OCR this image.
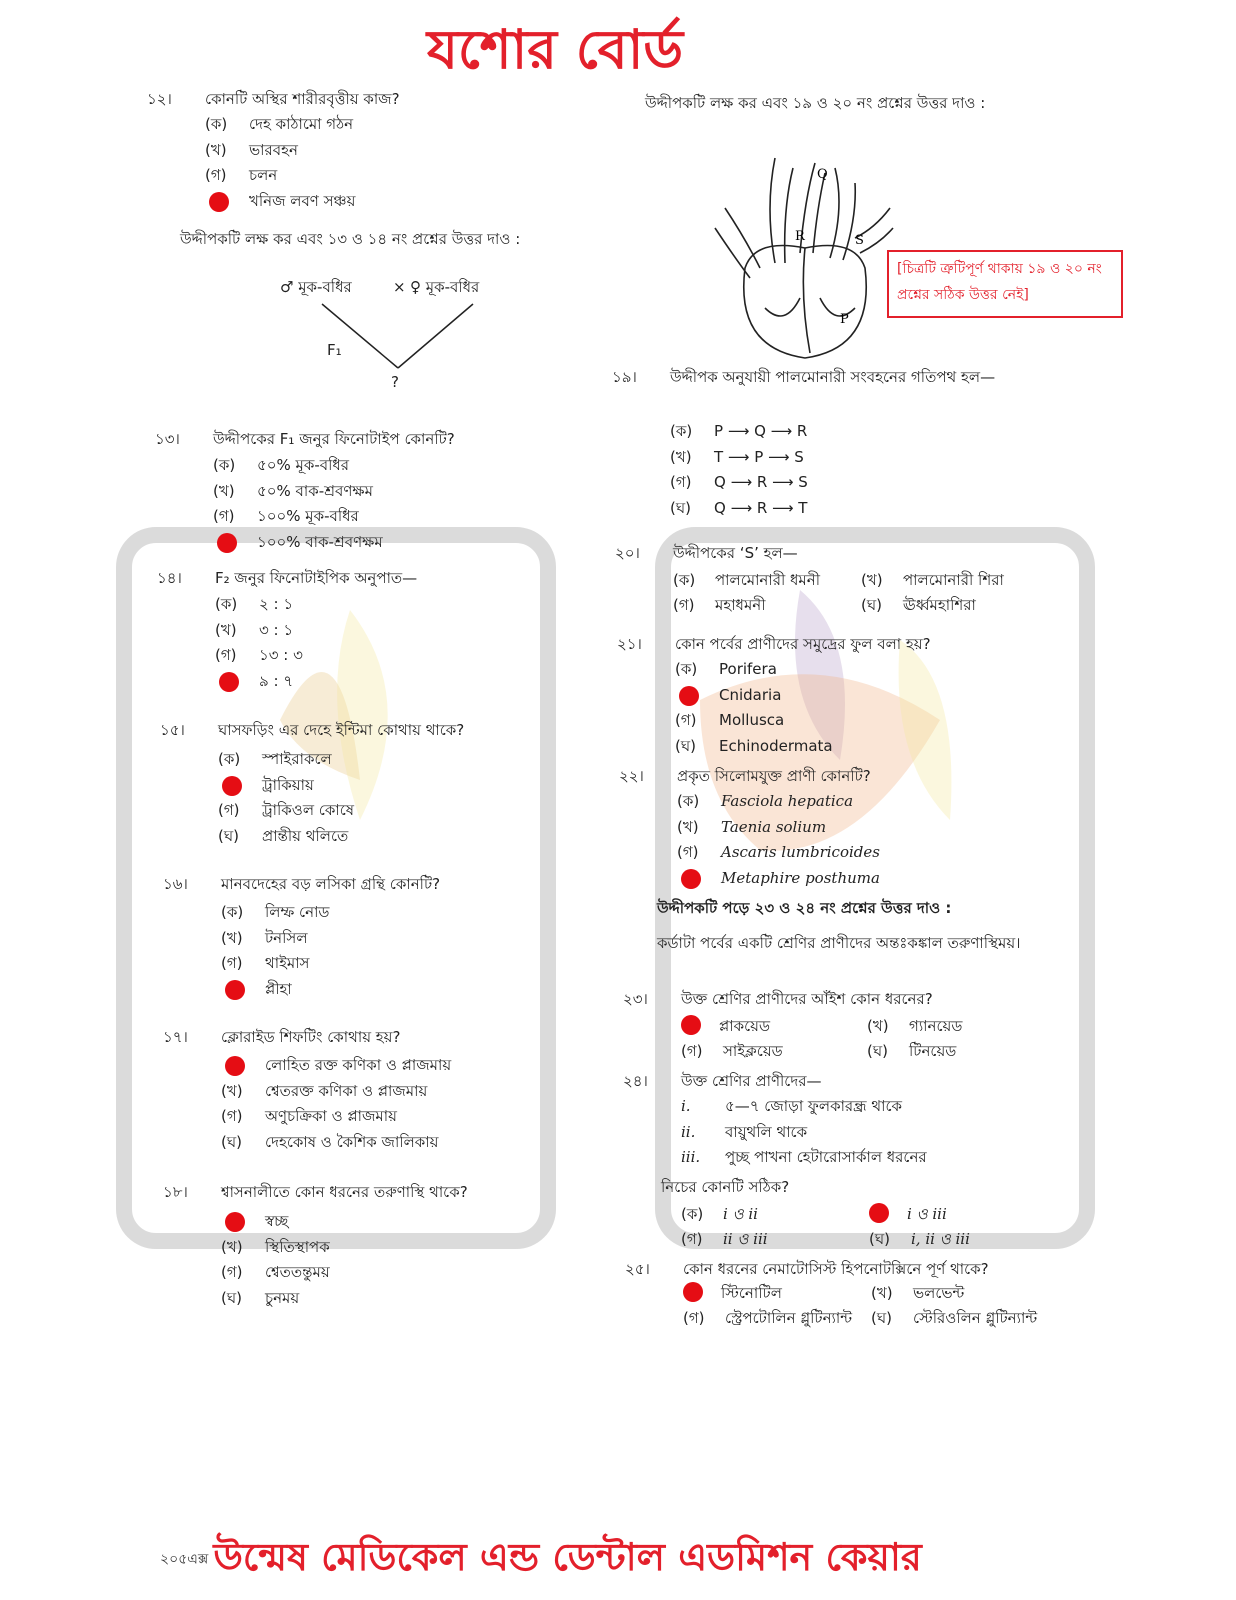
যশোর বোর্ড
১২। কোনটি অস্থির শারীরবৃত্তীয় কাজ?
(ক) দেহ কাঠামো গঠন
(খ) ভারবহন
(গ) চলন
খনিজ লবণ সঞ্চয়
উদ্দীপকটি লক্ষ কর এবং ১৩ ও ১৪ নং প্রশ্নের উত্তর দাও :
♂ মূক-বধির	× ♀ মূক-বধির
F₁
?
১৩। উদ্দীপকের F₁ জনুর ফিনোটাইপ কোনটি?
(ক) ৫০% মূক-বধির
(খ) ৫০% বাক-শ্রবণক্ষম
(গ) ১০০% মূক-বধির
১০০% বাক-শ্রবণক্ষম
১৪। F₂ জনুর ফিনোটাইপিক অনুপাত—
(ক) ২ : ১
(খ) ৩ : ১
(গ) ১৩ : ৩
৯ : ৭
১৫। ঘাসফড়িং এর দেহে ইন্টিমা কোথায় থাকে?
(ক) স্পাইরাকলে
ট্রাকিয়ায়
(গ) ট্রাকিওল কোষে
(ঘ) প্রান্তীয় থলিতে
১৬। মানবদেহের বড় লসিকা গ্রন্থি কোনটি?
(ক) লিম্ফ নোড
(খ) টনসিল
(গ) থাইমাস
প্লীহা
১৭। ক্লোরাইড শিফটিং কোথায় হয়?
লোহিত রক্ত কণিকা ও প্লাজমায়
(খ) শ্বেতরক্ত কণিকা ও প্লাজমায়
(গ) অণুচক্রিকা ও প্লাজমায়
(ঘ) দেহকোষ ও কৈশিক জালিকায়
১৮। শ্বাসনালীতে কোন ধরনের তরুণাস্থি থাকে?
স্বচ্ছ
(খ) স্থিতিস্থাপক
(গ) শ্বেততন্তুময়
(ঘ) চুনময়
উদ্দীপকটি লক্ষ কর এবং ১৯ ও ২০ নং প্রশ্নের উত্তর দাও :
Q
R	S
P
[চিত্রটি ত্রুটিপূর্ণ থাকায় ১৯ ও ২০ নং প্রশ্নের সঠিক উত্তর নেই]
১৯। উদ্দীপক অনুযায়ী পালমোনারী সংবহনের গতিপথ হল—
(ক) P ⟶ Q ⟶ R
(খ) T ⟶ P ⟶ S
(গ) Q ⟶ R ⟶ S
(ঘ) Q ⟶ R ⟶ T
২০। উদ্দীপকের ‘S’ হল—
(ক) পালমোনারী ধমনী	(খ) পালমোনারী শিরা
(গ) মহাধমনী	(ঘ) ঊর্ধ্বমহাশিরা
২১। কোন পর্বের প্রাণীদের সমুদ্রের ফুল বলা হয়?
(ক) Porifera
Cnidaria
(গ) Mollusca
(ঘ) Echinodermata
২২। প্রকৃত সিলোমযুক্ত প্রাণী কোনটি?
(ক) Fasciola hepatica
(খ) Taenia solium
(গ) Ascaris lumbricoides
Metaphire posthuma
উদ্দীপকটি পড়ে ২৩ ও ২৪ নং প্রশ্নের উত্তর দাও :
কর্ডাটা পর্বের একটি শ্রেণির প্রাণীদের অন্তঃকঙ্কাল তরুণাস্থিময়।
২৩। উক্ত শ্রেণির প্রাণীদের আঁইশ কোন ধরনের?
প্লাকয়েড	(খ) গ্যানয়েড
(গ) সাইক্লয়েড	(ঘ) টিনয়েড
২৪। উক্ত শ্রেণির প্রাণীদের—
i. ৫—৭ জোড়া ফুলকারন্ধ্র থাকে
ii. বায়ুথলি থাকে
iii. পুচ্ছ পাখনা হেটারোসার্কাল ধরনের
নিচের কোনটি সঠিক?
(ক) i ও ii	i ও iii
(গ) ii ও iii	(ঘ) i, ii ও iii
২৫। কোন ধরনের নেমাটোসিস্ট হিপনোটক্সিনে পূর্ণ থাকে?
স্টিনোটিল	(খ) ভলভেন্ট
(গ) স্ট্রেপটোলিন গ্লুটিন্যান্ট (ঘ) স্টেরিওলিন গ্লুটিন্যান্ট
২০৫এক্স উন্মেষ মেডিকেল এন্ড ডেন্টাল এডমিশন কেয়ার
